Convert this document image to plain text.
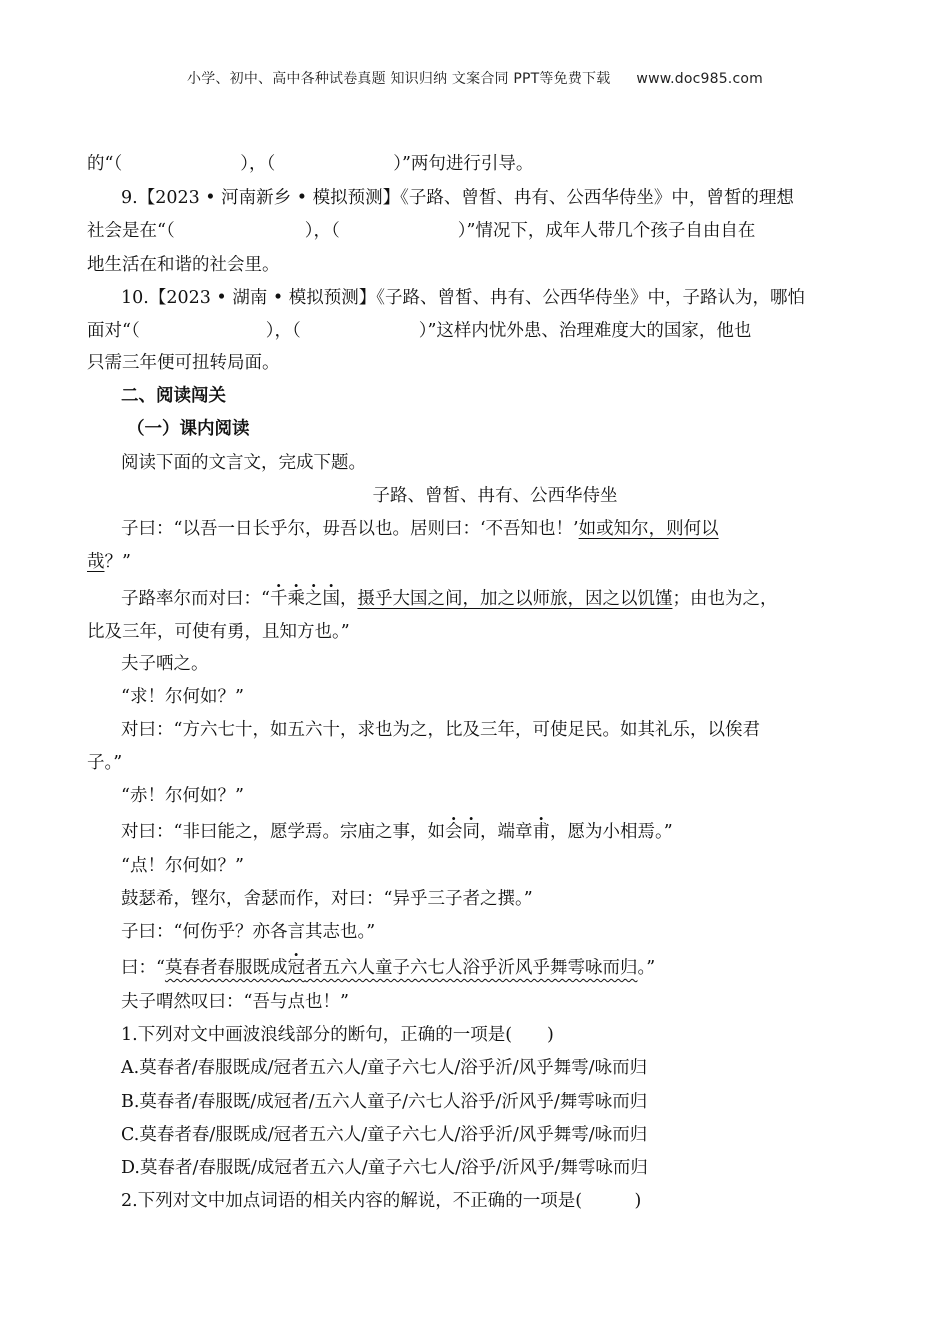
小学、初中、高中各种试卷真题 知识归纳 文案合同 PPT等免费下载 www.doc985.com
的“（	），（	）”两句进行引导。
9.【2023 • 河南新乡 • 模拟预测】《子路、曾皙、冉有、公西华侍坐》中，曾皙的理想
社会是在“（	），（	）”情况下，成年人带几个孩子自由自在
地生活在和谐的社会里。
10.【2023 • 湖南 • 模拟预测】《子路、曾皙、冉有、公西华侍坐》中，子路认为，哪怕
面对“（	），（	）”这样内忧外患、治理难度大的国家，他也
只需三年便可扭转局面。
二、阅读闯关
（一）课内阅读
阅读下面的文言文，完成下题。
子路、曾皙、冉有、公西华侍坐
子曰：“以吾一日长乎尔，毋吾以也。居则曰：‘不吾知也！’如或知尔，则何以
哉？”
子路率尔而对曰：“千乘之国，摄乎大国之间，加之以师旅，因之以饥馑；由也为之，
比及三年，可使有勇，且知方也。”
夫子哂之。
“求！尔何如？”
对曰：“方六七十，如五六十，求也为之，比及三年，可使足民。如其礼乐，以俟君
子。”
“赤！尔何如？”
对曰：“非曰能之，愿学焉。宗庙之事，如会同，端章甫，愿为小相焉。”
“点！尔何如？”
鼓瑟希，铿尔，舍瑟而作，对曰：“异乎三子者之撰。”
子曰：“何伤乎？亦各言其志也。”
曰：“莫春者春服既成冠者五六人童子六七人浴乎沂风乎舞雩咏而归。”
夫子喟然叹曰：“吾与点也！”
1.下列对文中画波浪线部分的断句，正确的一项是(　　)
A.莫春者/春服既成/冠者五六人/童子六七人/浴乎沂/风乎舞雩/咏而归
B.莫春者/春服既/成冠者/五六人童子/六七人浴乎/沂风乎/舞雩咏而归
C.莫春者春/服既成/冠者五六人/童子六七人/浴乎沂/风乎舞雩/咏而归
D.莫春者/春服既/成冠者五六人/童子六七人/浴乎/沂风乎/舞雩咏而归
2.下列对文中加点词语的相关内容的解说，不正确的一项是(　　　)
